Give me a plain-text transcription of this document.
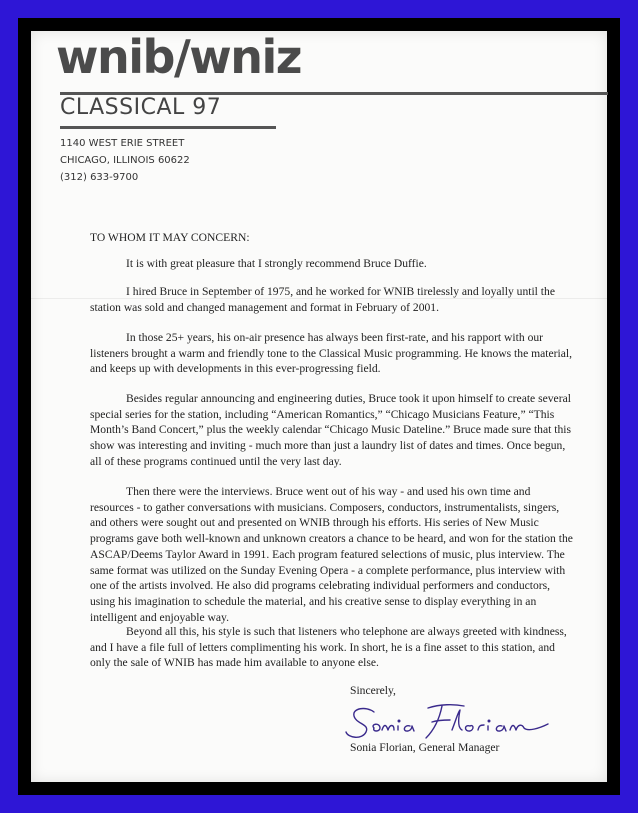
wnib/wniz
CLASSICAL 97
1140 WEST ERIE STREET
CHICAGO, ILLINOIS 60622
(312) 633-9700
TO WHOM IT MAY CONCERN:

It is with great pleasure that I strongly recommend Bruce Duffie.

I hired Bruce in September of 1975, and he worked for WNIB tirelessly and loyally until the station was sold and changed management and format in February of 2001.

In those 25+ years, his on-air presence has always been first-rate, and his rapport with our listeners brought a warm and friendly tone to the Classical Music programming. He knows the material, and keeps up with developments in this ever-progressing field.

Besides regular announcing and engineering duties, Bruce took it upon himself to create several special series for the station, including “American Romantics,” “Chicago Musicians Feature,” “This Month’s Band Concert,” plus the weekly calendar “Chicago Music Dateline.” Bruce made sure that this show was interesting and inviting - much more than just a laundry list of dates and times. Once begun, all of these programs continued until the very last day.

Then there were the interviews. Bruce went out of his way - and used his own time and resources - to gather conversations with musicians. Composers, conductors, instrumentalists, singers, and others were sought out and presented on WNIB through his efforts. His series of New Music programs gave both well-known and unknown creators a chance to be heard, and won for the station the ASCAP/Deems Taylor Award in 1991. Each program featured selections of music, plus interview. The same format was utilized on the Sunday Evening Opera - a complete performance, plus interview with one of the artists involved. He also did programs celebrating individual performers and conductors, using his imagination to schedule the material, and his creative sense to display everything in an intelligent and enjoyable way.

Beyond all this, his style is such that listeners who telephone are always greeted with kindness, and I have a file full of letters complimenting his work. In short, he is a fine asset to this station, and only the sale of WNIB has made him available to anyone else.

Sincerely,
Sonia Florian, General Manager
